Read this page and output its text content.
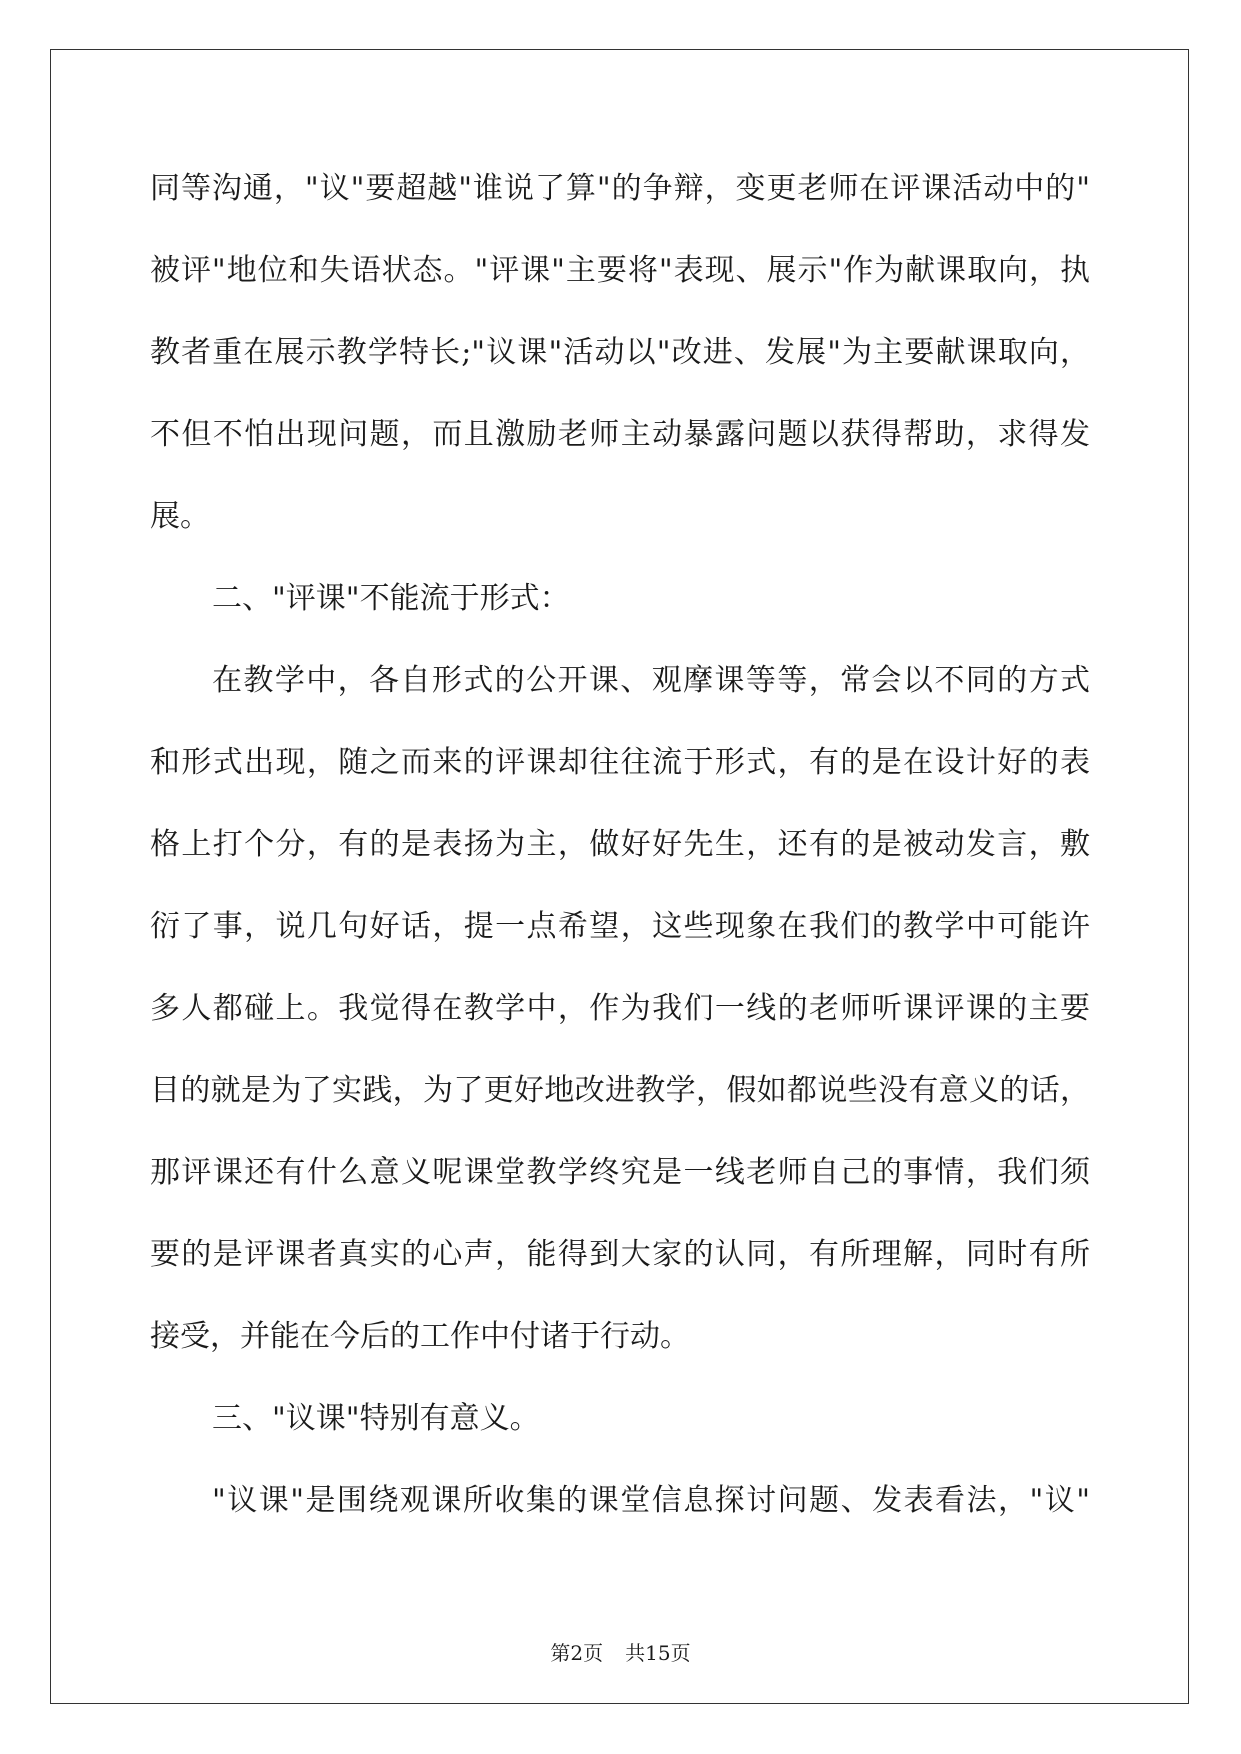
同等沟通，"议"要超越"谁说了算"的争辩，变更老师在评课活动中的"
被评"地位和失语状态。"评课"主要将"表现、展示"作为献课取向，执
教者重在展示教学特长;"议课"活动以"改进、发展"为主要献课取向，
不但不怕出现问题，而且激励老师主动暴露问题以获得帮助，求得发
展。
二、"评课"不能流于形式：
在教学中，各自形式的公开课、观摩课等等，常会以不同的方式
和形式出现，随之而来的评课却往往流于形式，有的是在设计好的表
格上打个分，有的是表扬为主，做好好先生，还有的是被动发言，敷
衍了事，说几句好话，提一点希望，这些现象在我们的教学中可能许
多人都碰上。我觉得在教学中，作为我们一线的老师听课评课的主要
目的就是为了实践，为了更好地改进教学，假如都说些没有意义的话，
那评课还有什么意义呢课堂教学终究是一线老师自己的事情，我们须
要的是评课者真实的心声，能得到大家的认同，有所理解，同时有所
接受，并能在今后的工作中付诸于行动。
三、"议课"特别有意义。
"议课"是围绕观课所收集的课堂信息探讨问题、发表看法，"议"
第2页 共15页
